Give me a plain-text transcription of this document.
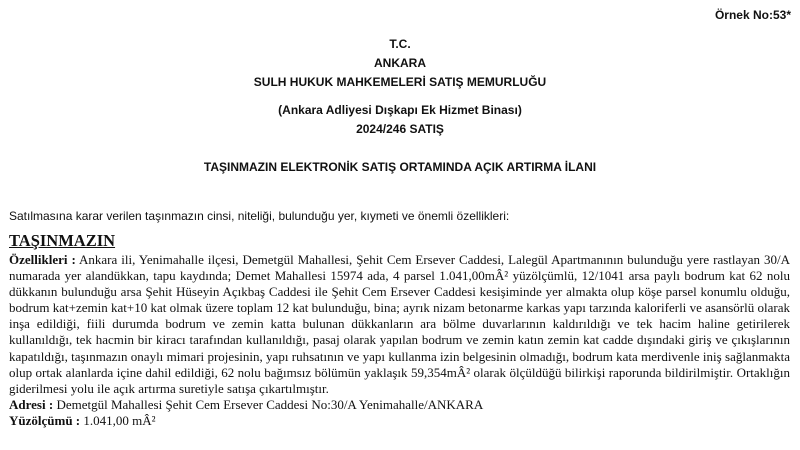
Örnek No:53*
T.C.
ANKARA
SULH HUKUK MAHKEMELERİ SATIŞ MEMURLUĞU
(Ankara Adliyesi Dışkapı Ek Hizmet Binası)
2024/246 SATIŞ
TAŞINMAZIN ELEKTRONİK SATIŞ ORTAMINDA AÇIK ARTIRMA İLANI
Satılmasına karar verilen taşınmazın cinsi, niteliği, bulunduğu yer, kıymeti ve önemli özellikleri:
TAŞINMAZIN

Özellikleri : Ankara ili, Yenimahalle ilçesi, Demetgül Mahallesi, Şehit Cem Ersever Caddesi, Lalegül Apartmanının bulunduğu yere rastlayan 30/A numarada yer alandükkan, tapu kaydında; Demet Mahallesi 15974 ada, 4 parsel 1.041,00mÂ² yüzölçümlü, 12/1041 arsa paylı bodrum kat 62 nolu dükkanın bulunduğu arsa Şehit Hüseyin Açıkbaş Caddesi ile Şehit Cem Ersever Caddesi kesişiminde yer almakta olup köşe parsel konumlu olduğu, bodrum kat+zemin kat+10 kat olmak üzere toplam 12 kat bulunduğu, bina; ayrık nizam betonarme karkas yapı tarzında kaloriferli ve asansörlü olarak inşa edildiği, fiili durumda bodrum ve zemin katta bulunan dükkanların ara bölme duvarlarının kaldırıldığı ve tek hacim haline getirilerek kullanıldığı, tek hacmin bir kiracı tarafından kullanıldığı, pasaj olarak yapılan bodrum ve zemin katın zemin kat cadde dışındaki giriş ve çıkışlarının kapatıldığı, taşınmazın onaylı mimari projesinin, yapı ruhsatının ve yapı kullanma izin belgesinin olmadığı, bodrum kata merdivenle iniş sağlanmakta olup ortak alanlarda içine dahil edildiği, 62 nolu bağımsız bölümün yaklaşık 59,354mÂ² olarak ölçüldüğü bilirkişi raporunda bildirilmiştir. Ortaklığın giderilmesi yolu ile açık artırma suretiyle satışa çıkartılmıştır.

Adresi : Demetgül Mahallesi Şehit Cem Ersever Caddesi No:30/A Yenimahalle/ANKARA

Yüzölçümü : 1.041,00 mÂ²
